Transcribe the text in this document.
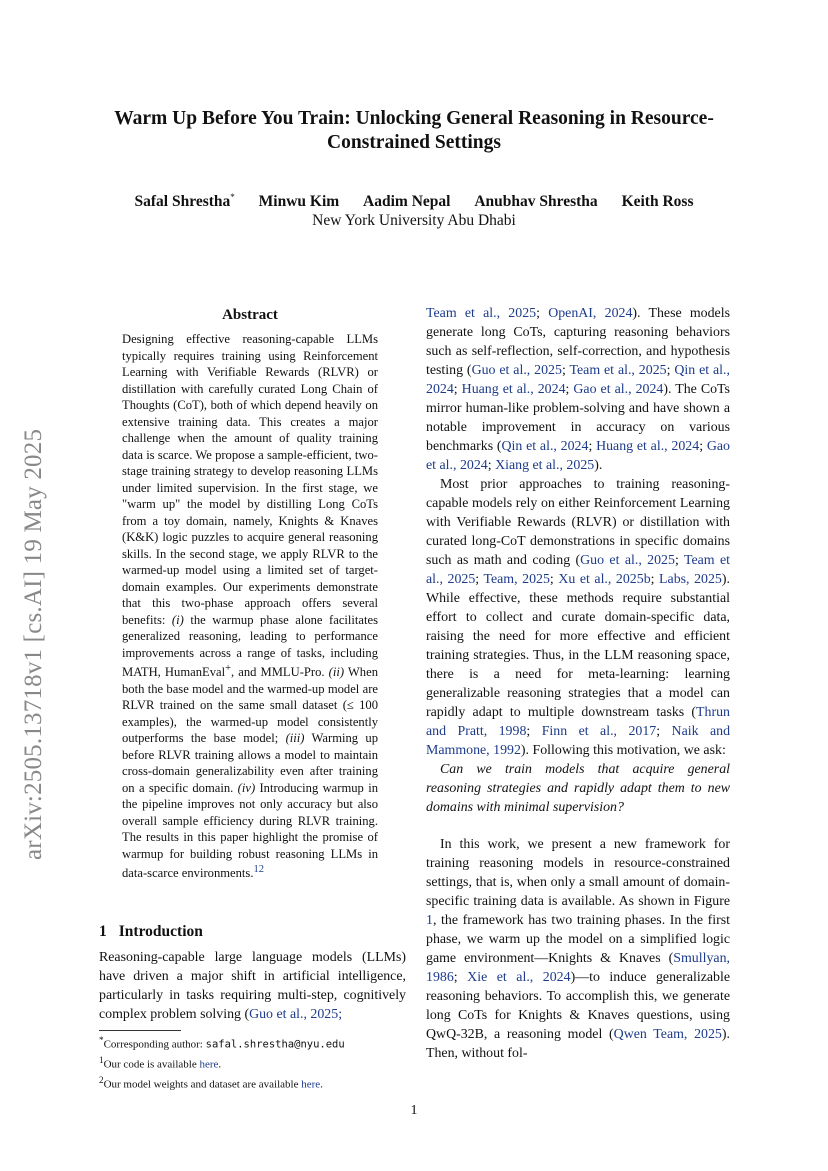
arXiv:2505.13718v1 [cs.AI] 19 May 2025
Warm Up Before You Train: Unlocking General Reasoning in Resource-Constrained Settings
Safal Shrestha* Minwu Kim Aadim Nepal Anubhav Shrestha Keith Ross
New York University Abu Dhabi
Abstract
Designing effective reasoning-capable LLMs typically requires training using Reinforcement Learning with Verifiable Rewards (RLVR) or distillation with carefully curated Long Chain of Thoughts (CoT), both of which depend heavily on extensive training data. This creates a major challenge when the amount of quality training data is scarce. We propose a sample-efficient, two-stage training strategy to develop reasoning LLMs under limited supervision. In the first stage, we "warm up" the model by distilling Long CoTs from a toy domain, namely, Knights & Knaves (K&K) logic puzzles to acquire general reasoning skills. In the second stage, we apply RLVR to the warmed-up model using a limited set of target-domain examples. Our experiments demonstrate that this two-phase approach offers several benefits: (i) the warmup phase alone facilitates generalized reasoning, leading to performance improvements across a range of tasks, including MATH, HumanEval+, and MMLU-Pro. (ii) When both the base model and the warmed-up model are RLVR trained on the same small dataset (≤ 100 examples), the warmed-up model consistently outperforms the base model; (iii) Warming up before RLVR training allows a model to maintain cross-domain generalizability even after training on a specific domain. (iv) Introducing warmup in the pipeline improves not only accuracy but also overall sample efficiency during RLVR training. The results in this paper highlight the promise of warmup for building robust reasoning LLMs in data-scarce environments.$^{12}$
1 Introduction
Reasoning-capable large language models (LLMs) have driven a major shift in artificial intelligence, particularly in tasks requiring multi-step, cognitively complex problem solving (Guo et al., 2025;
*Corresponding author: safal.shrestha@nyu.edu
$^1$Our code is available here.
$^2$Our model weights and dataset are available here.

Team et al., 2025; OpenAI, 2024). These models generate long CoTs, capturing reasoning behaviors such as self-reflection, self-correction, and hypothesis testing (Guo et al., 2025; Team et al., 2025; Qin et al., 2024; Huang et al., 2024; Gao et al., 2024). The CoTs mirror human-like problem-solving and have shown a notable improvement in accuracy on various benchmarks (Qin et al., 2024; Huang et al., 2024; Gao et al., 2024; Xiang et al., 2025).

Most prior approaches to training reasoning-capable models rely on either Reinforcement Learning with Verifiable Rewards (RLVR) or distillation with curated long-CoT demonstrations in specific domains such as math and coding (Guo et al., 2025; Team et al., 2025; Team, 2025; Xu et al., 2025b; Labs, 2025). While effective, these methods require substantial effort to collect and curate domain-specific data, raising the need for more effective and efficient training strategies. Thus, in the LLM reasoning space, there is a need for meta-learning: learning generalizable reasoning strategies that a model can rapidly adapt to multiple downstream tasks (Thrun and Pratt, 1998; Finn et al., 2017; Naik and Mammone, 1992). Following this motivation, we ask:

Can we train models that acquire general reasoning strategies and rapidly adapt them to new domains with minimal supervision?

In this work, we present a new framework for training reasoning models in resource-constrained settings, that is, when only a small amount of domain-specific training data is available. As shown in Figure 1, the framework has two training phases. In the first phase, we warm up the model on a simplified logic game environment—Knights & Knaves (Smullyan, 1986; Xie et al., 2024)—to induce generalizable reasoning behaviors. To accomplish this, we generate long CoTs for Knights & Knaves questions, using QwQ-32B, a reasoning model (Qwen Team, 2025). Then, without fol-

1
